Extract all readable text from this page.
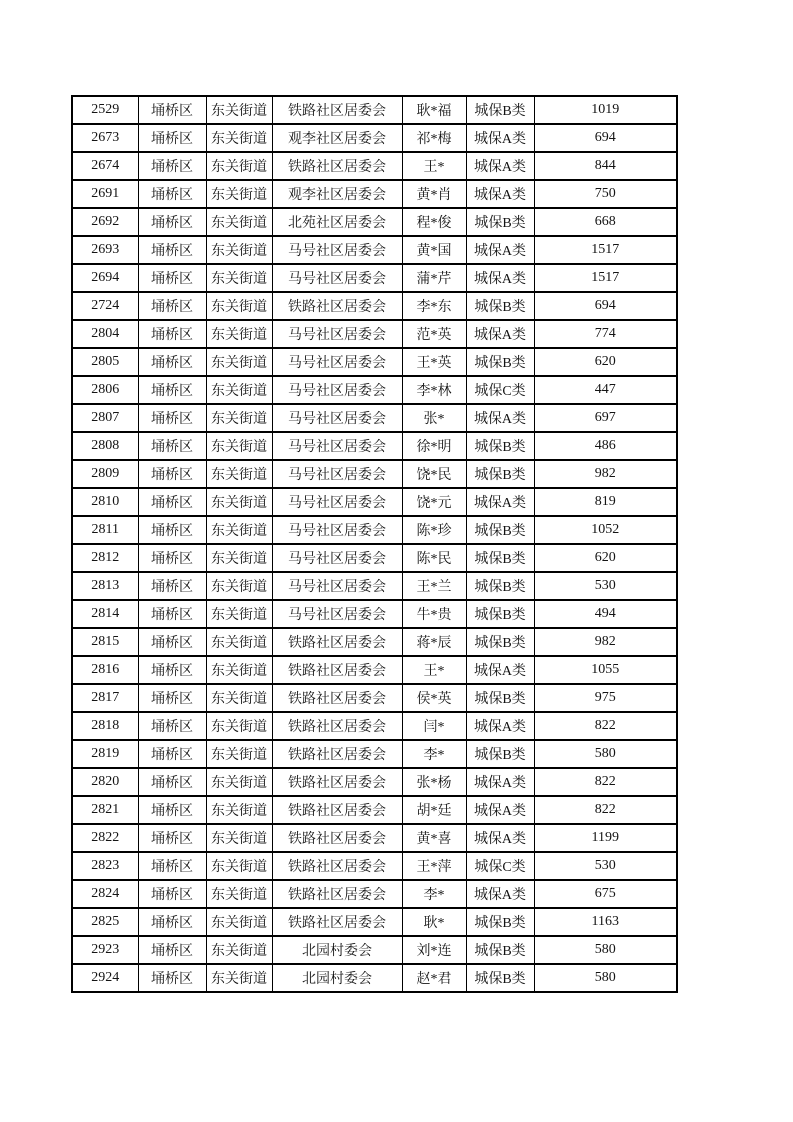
2529	埇桥区	东关街道	铁路社区居委会	耿*福	城保B类	1019
2673	埇桥区	东关街道	观李社区居委会	祁*梅	城保A类	694
2674	埇桥区	东关街道	铁路社区居委会	王*	城保A类	844
2691	埇桥区	东关街道	观李社区居委会	黄*肖	城保A类	750
2692	埇桥区	东关街道	北苑社区居委会	程*俊	城保B类	668
2693	埇桥区	东关街道	马号社区居委会	黄*国	城保A类	1517
2694	埇桥区	东关街道	马号社区居委会	蒲*芹	城保A类	1517
2724	埇桥区	东关街道	铁路社区居委会	李*东	城保B类	694
2804	埇桥区	东关街道	马号社区居委会	范*英	城保A类	774
2805	埇桥区	东关街道	马号社区居委会	王*英	城保B类	620
2806	埇桥区	东关街道	马号社区居委会	李*林	城保C类	447
2807	埇桥区	东关街道	马号社区居委会	张*	城保A类	697
2808	埇桥区	东关街道	马号社区居委会	徐*明	城保B类	486
2809	埇桥区	东关街道	马号社区居委会	饶*民	城保B类	982
2810	埇桥区	东关街道	马号社区居委会	饶*元	城保A类	819
2811	埇桥区	东关街道	马号社区居委会	陈*珍	城保B类	1052
2812	埇桥区	东关街道	马号社区居委会	陈*民	城保B类	620
2813	埇桥区	东关街道	马号社区居委会	王*兰	城保B类	530
2814	埇桥区	东关街道	马号社区居委会	牛*贵	城保B类	494
2815	埇桥区	东关街道	铁路社区居委会	蒋*辰	城保B类	982
2816	埇桥区	东关街道	铁路社区居委会	王*	城保A类	1055
2817	埇桥区	东关街道	铁路社区居委会	侯*英	城保B类	975
2818	埇桥区	东关街道	铁路社区居委会	闫*	城保A类	822
2819	埇桥区	东关街道	铁路社区居委会	李*	城保B类	580
2820	埇桥区	东关街道	铁路社区居委会	张*杨	城保A类	822
2821	埇桥区	东关街道	铁路社区居委会	胡*廷	城保A类	822
2822	埇桥区	东关街道	铁路社区居委会	黄*喜	城保A类	1199
2823	埇桥区	东关街道	铁路社区居委会	王*萍	城保C类	530
2824	埇桥区	东关街道	铁路社区居委会	李*	城保A类	675
2825	埇桥区	东关街道	铁路社区居委会	耿*	城保B类	1163
2923	埇桥区	东关街道	北园村委会	刘*连	城保B类	580
2924	埇桥区	东关街道	北园村委会	赵*君	城保B类	580
